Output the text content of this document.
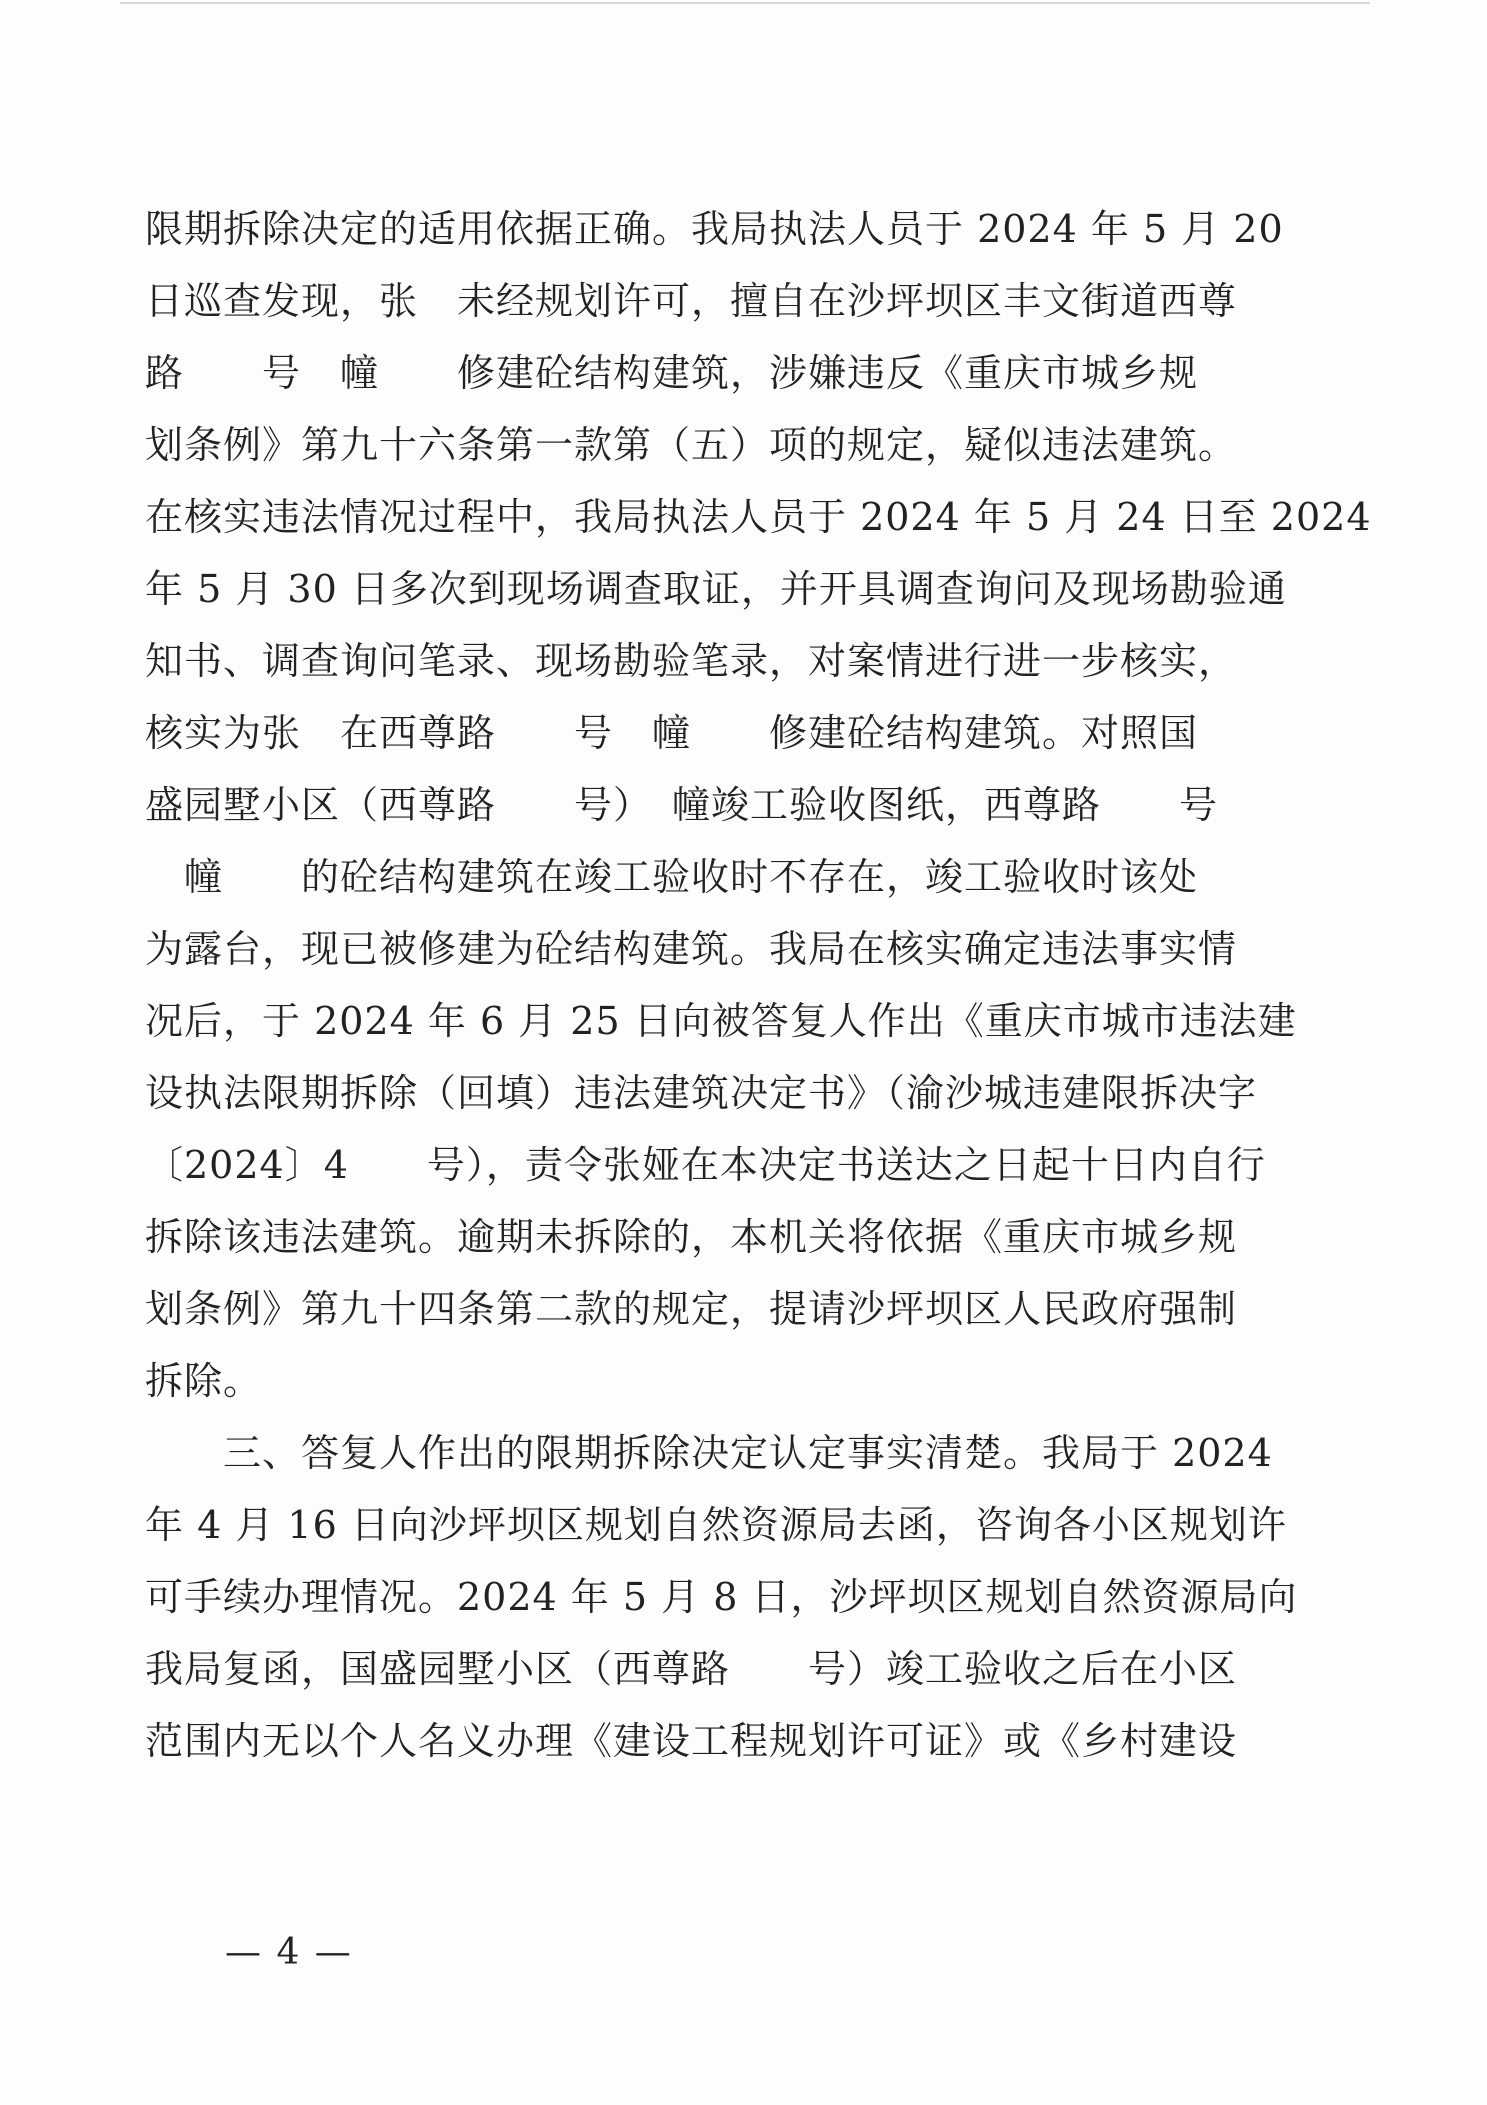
限期拆除决定的适用依据正确。我局执法人员于 2024 年 5 月 20
日巡查发现，张　未经规划许可，擅自在沙坪坝区丰文街道西尊
路　　号　幢　　修建砼结构建筑，涉嫌违反《重庆市城乡规
划条例》第九十六条第一款第（五）项的规定，疑似违法建筑。
在核实违法情况过程中，我局执法人员于 2024 年 5 月 24 日至 2024
年 5 月 30 日多次到现场调查取证，并开具调查询问及现场勘验通
知书、调查询问笔录、现场勘验笔录，对案情进行进一步核实，
核实为张　在西尊路　　号　幢　　修建砼结构建筑。对照国
盛园墅小区（西尊路　　号）　幢竣工验收图纸，西尊路　　号
　幢　　的砼结构建筑在竣工验收时不存在，竣工验收时该处
为露台，现已被修建为砼结构建筑。我局在核实确定违法事实情
况后，于 2024 年 6 月 25 日向被答复人作出《重庆市城市违法建
设执法限期拆除（回填）违法建筑决定书》（渝沙城违建限拆决字
〔2024〕4　　号），责令张娅在本决定书送达之日起十日内自行
拆除该违法建筑。逾期未拆除的，本机关将依据《重庆市城乡规
划条例》第九十四条第二款的规定，提请沙坪坝区人民政府强制
拆除。
　　三、答复人作出的限期拆除决定认定事实清楚。我局于 2024
年 4 月 16 日向沙坪坝区规划自然资源局去函，咨询各小区规划许
可手续办理情况。2024 年 5 月 8 日，沙坪坝区规划自然资源局向
我局复函，国盛园墅小区（西尊路　　号）竣工验收之后在小区
范围内无以个人名义办理《建设工程规划许可证》或《乡村建设
— 4 —
